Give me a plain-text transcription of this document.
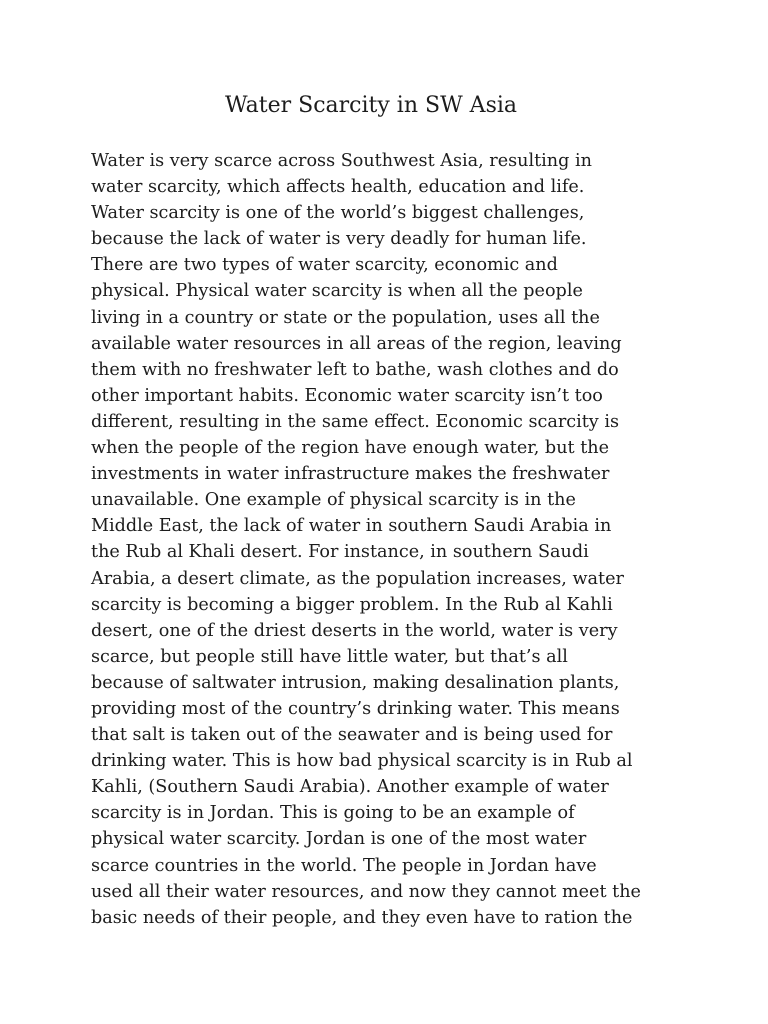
Water Scarcity in SW Asia
Water is very scarce across Southwest Asia, resulting in
water scarcity, which affects health, education and life.
Water scarcity is one of the world’s biggest challenges,
because the lack of water is very deadly for human life.
There are two types of water scarcity, economic and
physical. Physical water scarcity is when all the people
living in a country or state or the population, uses all the
available water resources in all areas of the region, leaving
them with no freshwater left to bathe, wash clothes and do
other important habits. Economic water scarcity isn’t too
different, resulting in the same effect. Economic scarcity is
when the people of the region have enough water, but the
investments in water infrastructure makes the freshwater
unavailable. One example of physical scarcity is in the
Middle East, the lack of water in southern Saudi Arabia in
the Rub al Khali desert. For instance, in southern Saudi
Arabia, a desert climate, as the population increases, water
scarcity is becoming a bigger problem. In the Rub al Kahli
desert, one of the driest deserts in the world, water is very
scarce, but people still have little water, but that’s all
because of saltwater intrusion, making desalination plants,
providing most of the country’s drinking water. This means
that salt is taken out of the seawater and is being used for
drinking water. This is how bad physical scarcity is in Rub al
Kahli, (Southern Saudi Arabia). Another example of water
scarcity is in Jordan. This is going to be an example of
physical water scarcity. Jordan is one of the most water
scarce countries in the world. The people in Jordan have
used all their water resources, and now they cannot meet the
basic needs of their people, and they even have to ration the
